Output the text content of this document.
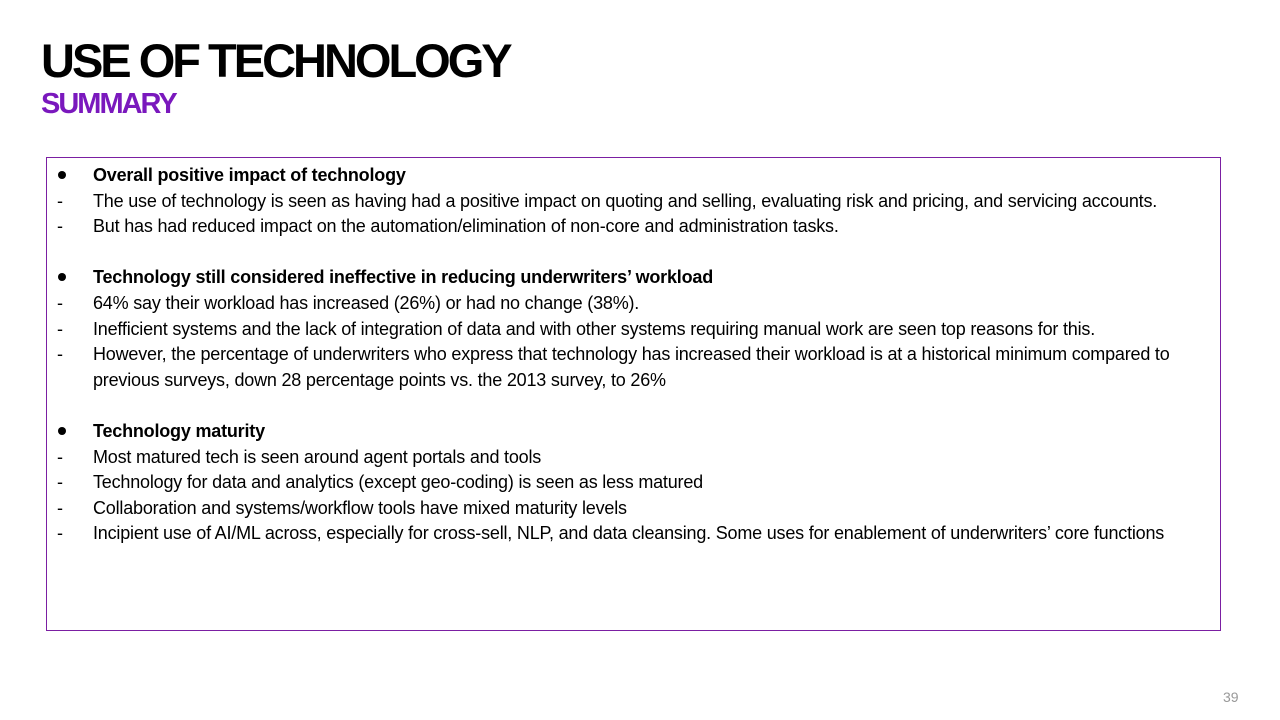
USE OF TECHNOLOGY
SUMMARY
Overall positive impact of technology
-	The use of technology is seen as having had a positive impact on quoting and selling, evaluating risk and pricing, and servicing accounts.
-	But has had reduced impact on the automation/elimination of non-core and administration tasks.
Technology still considered ineffective in reducing underwriters’ workload
-	64% say their workload has increased (26%) or had no change (38%).
-	Inefficient systems and the lack of integration of data and with other systems requiring manual work are seen top reasons for this.
-	However, the percentage of underwriters who express that technology has increased their workload is at a historical minimum compared to previous surveys, down 28 percentage points vs. the 2013 survey, to 26%
Technology maturity
-	Most matured tech is seen around agent portals and tools
-	Technology for data and analytics (except geo-coding) is seen as less matured
-	Collaboration and systems/workflow tools have mixed maturity levels
-	Incipient use of AI/ML across, especially for cross-sell, NLP, and data cleansing. Some uses for enablement of underwriters’ core functions
39
